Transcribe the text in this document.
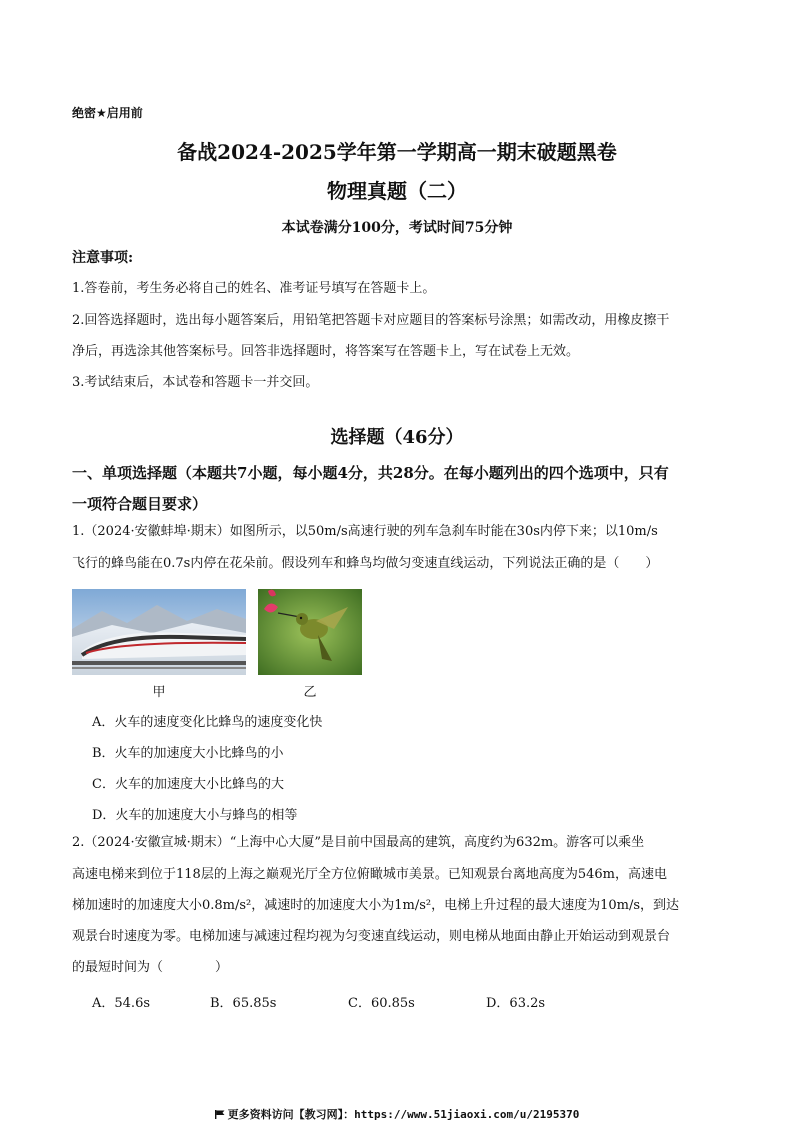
绝密★启用前
备战2024-2025学年第一学期高一期末破题黑卷
物理真题（二）
本试卷满分100分，考试时间75分钟
注意事项:
1.答卷前，考生务必将自己的姓名、准考证号填写在答题卡上。
2.回答选择题时，选出每小题答案后，用铅笔把答题卡对应题目的答案标号涂黑；如需改动，用橡皮擦干
净后，再选涂其他答案标号。回答非选择题时，将答案写在答题卡上，写在试卷上无效。
3.考试结束后，本试卷和答题卡一并交回。
选择题（46分）
一、单项选择题（本题共7小题，每小题4分，共28分。在每小题列出的四个选项中，只有
一项符合题目要求）
1.（2024·安徽蚌埠·期末）如图所示，以50m/s高速行驶的列车急刹车时能在30s内停下来；以10m/s
飞行的蜂鸟能在0.7s内停在花朵前。假设列车和蜂鸟均做匀变速直线运动，下列说法正确的是（　　）
甲	乙
A．火车的速度变化比蜂鸟的速度变化快
B．火车的加速度大小比蜂鸟的小
C．火车的加速度大小比蜂鸟的大
D．火车的加速度大小与蜂鸟的相等
2.（2024·安徽宣城·期末）“上海中心大厦”是目前中国最高的建筑，高度约为632m。游客可以乘坐
高速电梯来到位于118层的上海之巅观光厅全方位俯瞰城市美景。已知观景台离地高度为546m，高速电
梯加速时的加速度大小0.8m/s²，减速时的加速度大小为1m/s²，电梯上升过程的最大速度为10m/s，到达
观景台时速度为零。电梯加速与减速过程均视为匀变速直线运动，则电梯从地面由静止开始运动到观景台
的最短时间为（　　　　）
A．54.6s	B．65.85s	C．60.85s	D．63.2s
更多资料访问【教习网】：https://www.51jiaoxi.com/u/2195370
